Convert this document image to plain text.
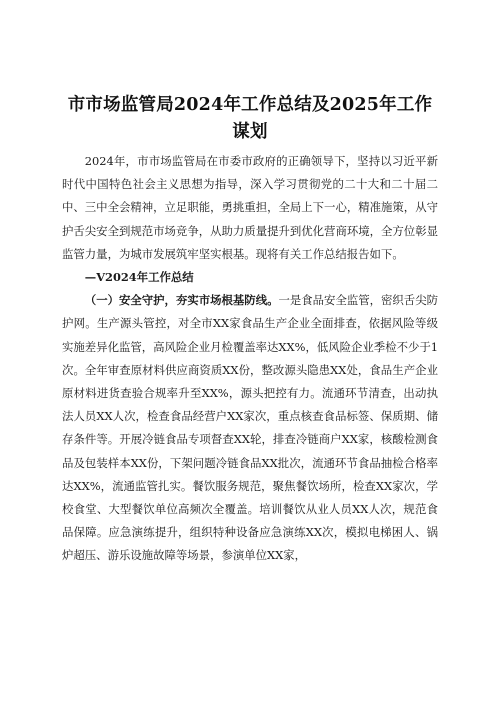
市市场监管局2024年工作总结及2025年工作谋划

2024年，市市场监管局在市委市政府的正确领导下，坚持以习近平新时代中国特色社会主义思想为指导，深入学习贯彻党的二十大和二十届二中、三中全会精神，立足职能，勇挑重担，全局上下一心，精准施策，从守护舌尖安全到规范市场竞争，从助力质量提升到优化营商环境，全方位彰显监管力量，为城市发展筑牢坚实根基。现将有关工作总结报告如下。

—V2024年工作总结

（一）安全守护，夯实市场根基防线。一是食品安全监管，密织舌尖防护网。生产源头管控，对全市XX家食品生产企业全面排查，依据风险等级实施差异化监管，高风险企业月检覆盖率达XX%，低风险企业季检不少于1次。全年审查原材料供应商资质XX份，整改源头隐患XX处，食品生产企业原材料进货查验合规率升至XX%，源头把控有力。流通环节清查，出动执法人员XX人次，检查食品经营户XX家次，重点核查食品标签、保质期、储存条件等。开展冷链食品专项督查XX轮，排查冷链商户XX家，核酸检测食品及包装样本XX份，下架问题冷链食品XX批次，流通环节食品抽检合格率达XX%，流通监管扎实。餐饮服务规范，聚焦餐饮场所，检查XX家次，学校食堂、大型餐饮单位高频次全覆盖。培训餐饮从业人员XX人次，规范食品保障。应急演练提升，组织特种设备应急演练XX次，模拟电梯困人、锅炉超压、游乐设施故障等场景，参演单位XX家，
